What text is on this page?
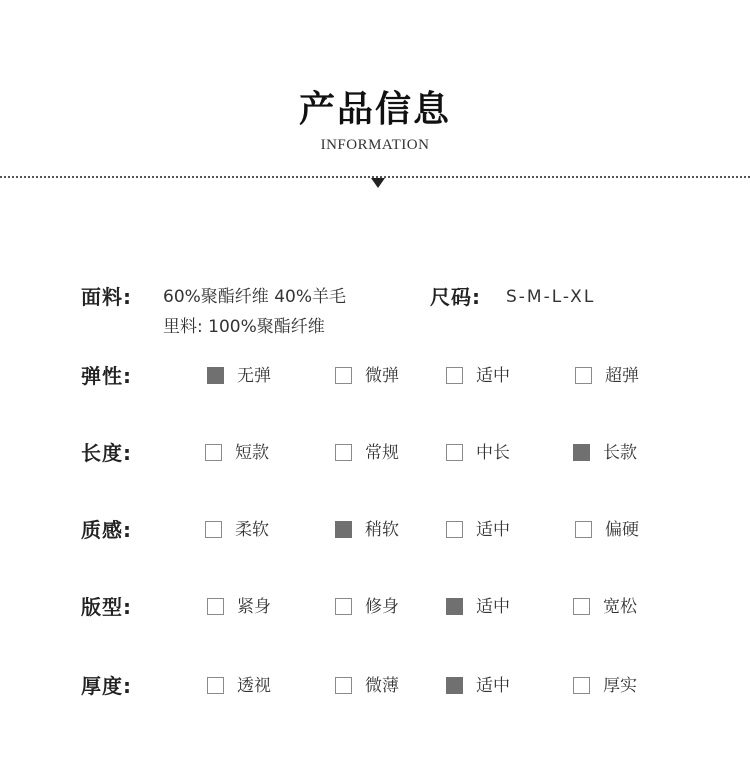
产品信息
INFORMATION
面料: 60%聚酯纤维 40%羊毛
里料: 100%聚酯纤维
尺码: S-M-L-XL
弹性:	无弹	微弹	适中	超弹
长度:	短款	常规	中长	长款
质感:	柔软	稍软	适中	偏硬
版型:	紧身	修身	适中	宽松
厚度:	透视	微薄	适中	厚实
